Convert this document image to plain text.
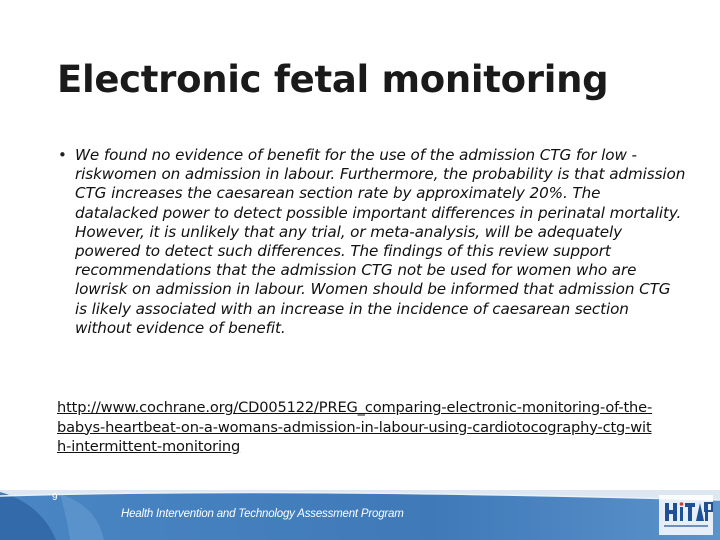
Electronic fetal monitoring
• We found no evidence of benefit for the use of the admission CTG for low -riskwomen on admission in labour. Furthermore, the probability is that admission CTG increases the caesarean section rate by approximately 20%. The datalacked power to detect possible important differences in perinatal mortality. However, it is unlikely that any trial, or meta-analysis, will be adequately powered to detect such differences. The findings of this review support recommendations that the admission CTG not be used for women who are lowrisk on admission in labour. Women should be informed that admission CTG is likely associated with an increase in the incidence of caesarean section without evidence of benefit.
http://www.cochrane.org/CD005122/PREG_comparing-electronic-monitoring-of-the-babys-heartbeat-on-a-womans-admission-in-labour-using-cardiotocography-ctg-with-intermittent-monitoring
9
Health Intervention and Technology Assessment Program
